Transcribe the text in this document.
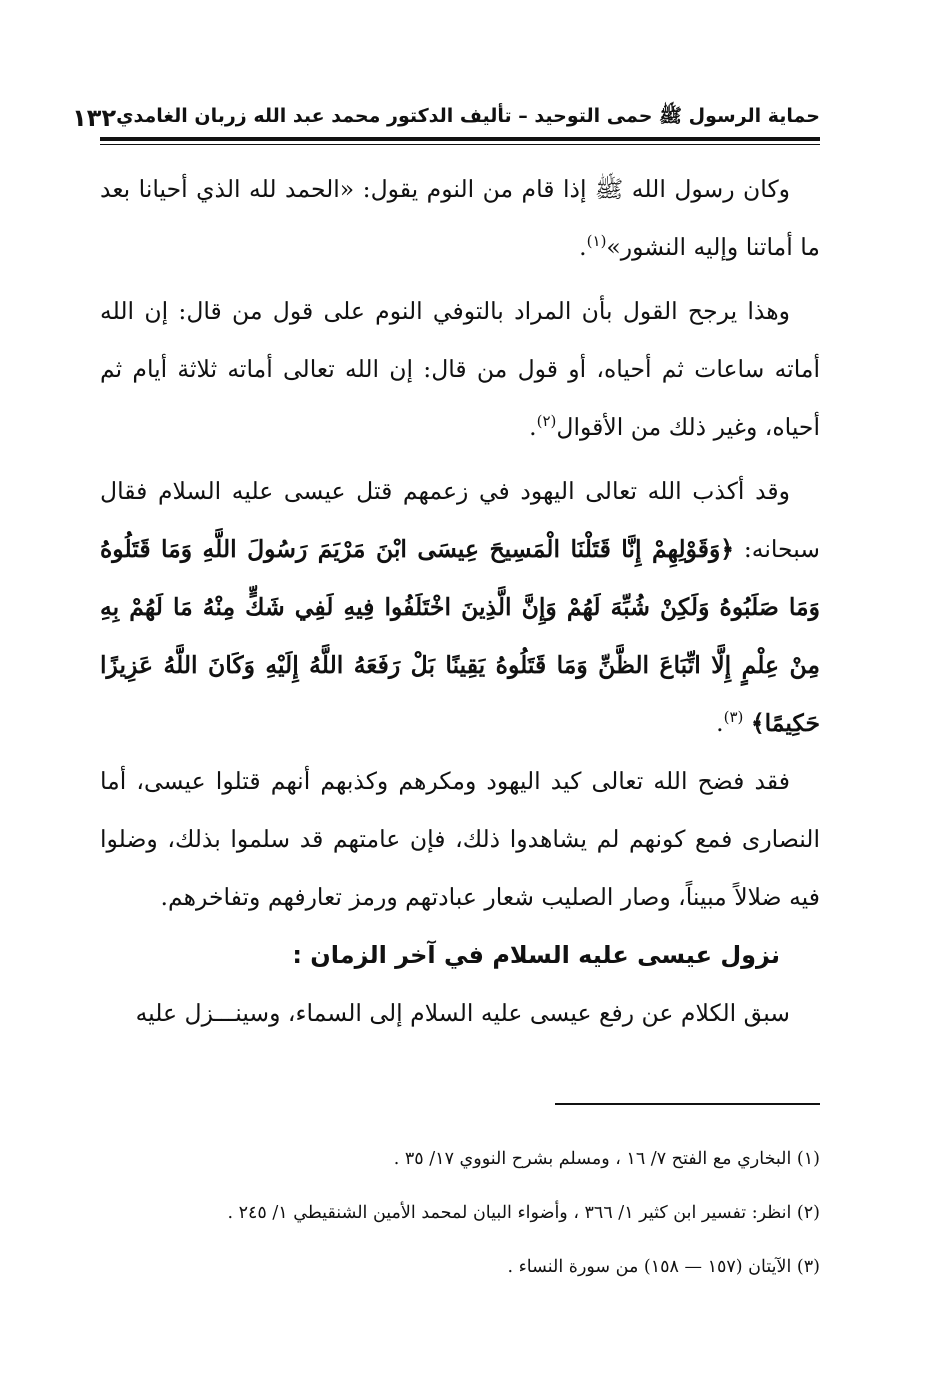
حماية الرسول ﷺ حمى التوحيد – تأليف الدكتور محمد عبد الله زربان الغامدي
١٣٢

وكان رسول الله ﷺ إذا قام من النوم يقول: «الحمد لله الذي أحيانا بعد ما أماتنا وإليه النشور»$^{(١)}$.

وهذا يرجح القول بأن المراد بالتوفي النوم على قول من قال: إن الله أماته ساعات ثم أحياه، أو قول من قال: إن الله تعالى أماته ثلاثة أيام ثم أحياه، وغير ذلك من الأقوال$^{(٢)}$.

وقد أكذب الله تعالى اليهود في زعمهم قتل عيسى عليه السلام فقال سبحانه: ﴿وَقَوْلِهِمْ إِنَّا قَتَلْنَا الْمَسِيحَ عِيسَى ابْنَ مَرْيَمَ رَسُولَ اللَّهِ وَمَا قَتَلُوهُ وَمَا صَلَبُوهُ وَلَكِنْ شُبِّهَ لَهُمْ وَإِنَّ الَّذِينَ اخْتَلَفُوا فِيهِ لَفِي شَكٍّ مِنْهُ مَا لَهُمْ بِهِ مِنْ عِلْمٍ إِلَّا اتِّبَاعَ الظَّنِّ وَمَا قَتَلُوهُ يَقِينًا بَلْ رَفَعَهُ اللَّهُ إِلَيْهِ وَكَانَ اللَّهُ عَزِيزًا حَكِيمًا﴾ $^{(٣)}$.

فقد فضح الله تعالى كيد اليهود ومكرهم وكذبهم أنهم قتلوا عيسى، أما النصارى فمع كونهم لم يشاهدوا ذلك، فإن عامتهم قد سلموا بذلك، وضلوا فيه ضلالاً مبيناً، وصار الصليب شعار عبادتهم ورمز تعارفهم وتفاخرهم.

نزول عيسى عليه السلام في آخر الزمان :

سبق الكلام عن رفع عيسى عليه السلام إلى السماء، وسينـــزل عليه

(١) البخاري مع الفتح ٧/ ١٦ ، ومسلم بشرح النووي ١٧/ ٣٥ .

(٢) انظر: تفسير ابن كثير ١/ ٣٦٦ ، وأضواء البيان لمحمد الأمين الشنقيطي ١/ ٢٤٥ .

(٣) الآيتان (١٥٧ — ١٥٨) من سورة النساء .
